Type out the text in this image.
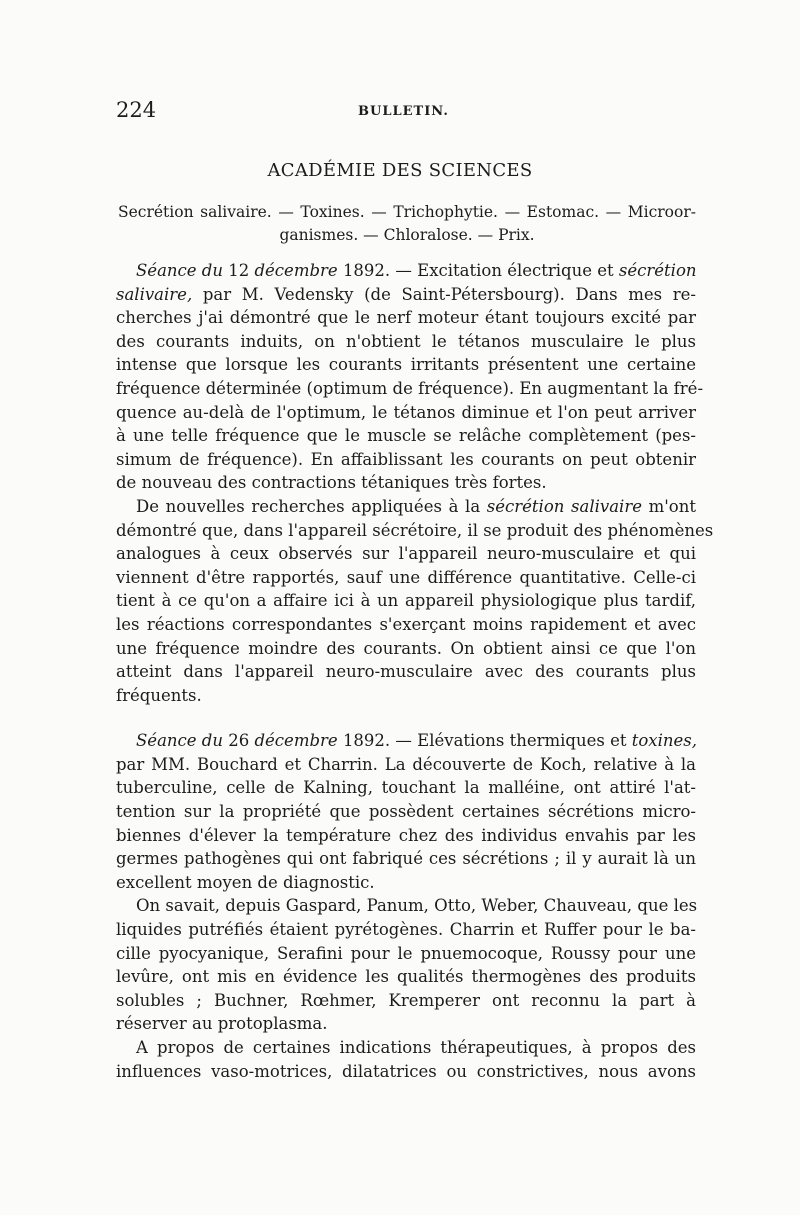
224	BULLETIN.
ACADÉMIE DES SCIENCES
Secrétion salivaire. — Toxines. — Trichophytie. — Estomac. — Microor-
ganismes. — Chloralose. — Prix.
Séance du 12 décembre 1892. — Excitation électrique et sécrétion
salivaire, par M. Vedensky (de Saint-Pétersbourg). Dans mes re-
cherches j'ai démontré que le nerf moteur étant toujours excité par
des courants induits, on n'obtient le tétanos musculaire le plus
intense que lorsque les courants irritants présentent une certaine
fréquence déterminée (optimum de fréquence). En augmentant la fré-
quence au-delà de l'optimum, le tétanos diminue et l'on peut arriver
à une telle fréquence que le muscle se relâche complètement (pes-
simum de fréquence). En affaiblissant les courants on peut obtenir
de nouveau des contractions tétaniques très fortes.
De nouvelles recherches appliquées à la sécrétion salivaire m'ont
démontré que, dans l'appareil sécrétoire, il se produit des phénomènes
analogues à ceux observés sur l'appareil neuro-musculaire et qui
viennent d'être rapportés, sauf une différence quantitative. Celle-ci
tient à ce qu'on a affaire ici à un appareil physiologique plus tardif,
les réactions correspondantes s'exerçant moins rapidement et avec
une fréquence moindre des courants. On obtient ainsi ce que l'on
atteint dans l'appareil neuro-musculaire avec des courants plus
fréquents.
Séance du 26 décembre 1892. — Elévations thermiques et toxines,
par MM. Bouchard et Charrin. La découverte de Koch, relative à la
tuberculine, celle de Kalning, touchant la malléine, ont attiré l'at-
tention sur la propriété que possèdent certaines sécrétions micro-
biennes d'élever la température chez des individus envahis par les
germes pathogènes qui ont fabriqué ces sécrétions ; il y aurait là un
excellent moyen de diagnostic.
On savait, depuis Gaspard, Panum, Otto, Weber, Chauveau, que les
liquides putréfiés étaient pyrétogènes. Charrin et Ruffer pour le ba-
cille pyocyanique, Serafini pour le pnuemocoque, Roussy pour une
levûre, ont mis en évidence les qualités thermogènes des produits
solubles ; Buchner, Rœhmer, Kremperer ont reconnu la part à
réserver au protoplasma.
A propos de certaines indications thérapeutiques, à propos des
influences vaso-motrices, dilatatrices ou constrictives, nous avons
